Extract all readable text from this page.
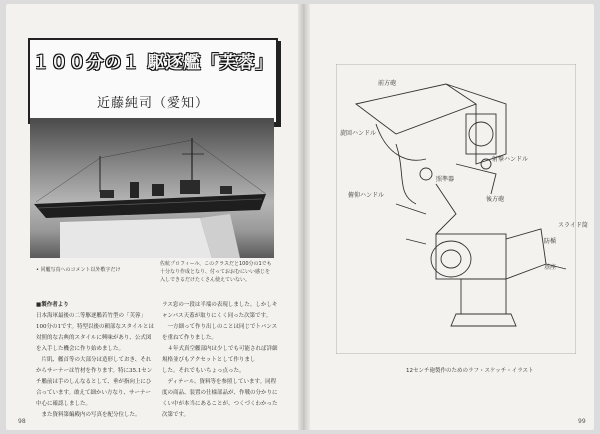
１００分の１ 駆逐艦「芙蓉」
近藤純司（愛知）
• 同艦写真へのコメント以外敷字だけ
佐航プロフィール、このクラスだと100分の1でも十分なり作成となり、付っておおむにいい感じを入しできるだけたくさん使えていない。
■製作者より
日本海軍最後の二等駆逐艦若竹型の「芙蓉」100分の1です。特型以後の頼部なスタイルとは対照的な古典的スタイルに興味があり、公式図を入手した機会に作り始めました。
　片肌、艦首等の大部分は造形しておき、それからサーナーは竹材を作ります。特に35.1センチ艦前は手のしんなるとして、垂が指向上にひ合っています。敢えて細かい方なり、サーナー中心に確認しました。
　また資料第編殿内の写真を配分位した。
ラス窓の一段は半端の表現しました。しかしキャンバス天蓋が取りにくく同った次第です。
　一方細って作り出しのことは同じでトバンスを重ねて作りました。
　４年式真空艦部内は少しでも可能されば詳細規格並びもアクセットとして作りまし
した。それでもいちょっ点った。
　ディテール、資料等を参照しています。同程度の商品、装置の仕様部品が、作戦の分かりにくい中が本当にあることが、つくづくわかった次第です。
98
前方砲
後方砲
旋回ハンドル
俯仰ハンドル
照準器
射撃ハンドル
防楯
基座
スライド筒
12センチ砲製作のためのラフ・スケッチ・イラスト
99
